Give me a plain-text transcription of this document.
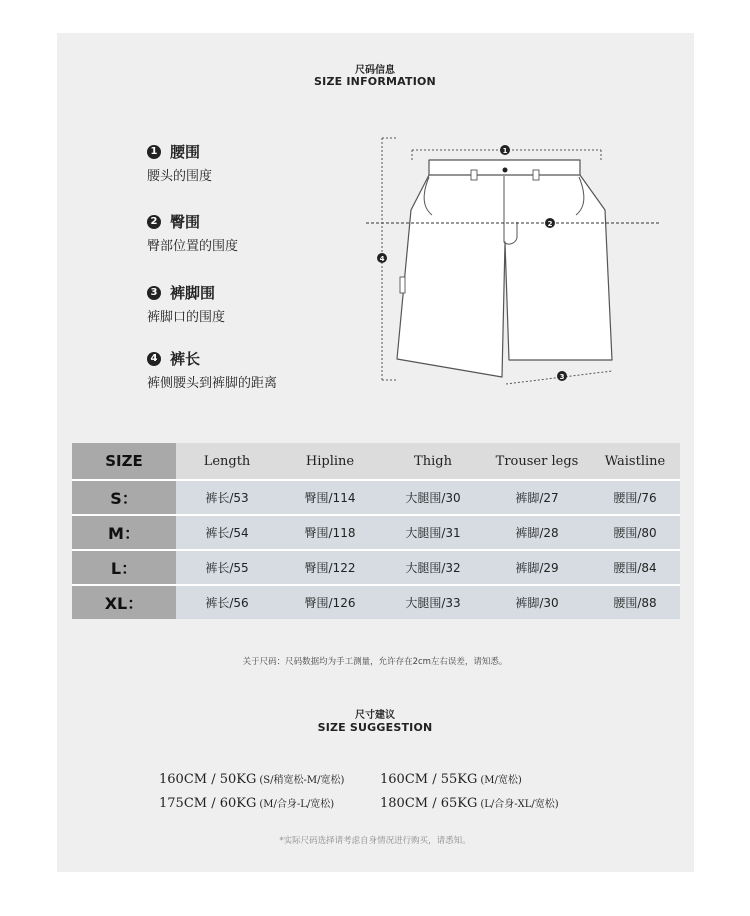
尺码信息
SIZE INFORMATION
1 腰围
腰头的围度
2 臀围
臀部位置的围度
3 裤脚围
裤脚口的围度
4 裤长
裤侧腰头到裤脚的距离
1
2
3
4
SIZE	Length	Hipline	Thigh	Trouser legs	Waistline
S：	裤长/53	臀围/114	大腿围/30	裤脚/27	腰围/76
M：	裤长/54	臀围/118	大腿围/31	裤脚/28	腰围/80
L：	裤长/55	臀围/122	大腿围/32	裤脚/29	腰围/84
XL：	裤长/56	臀围/126	大腿围/33	裤脚/30	腰围/88
关于尺码：尺码数据均为手工测量，允许存在2cm左右误差，请知悉。
尺寸建议
SIZE SUGGESTION
160CM / 50KG (S/稍宽松-M/宽松)	160CM / 55KG (M/宽松)
175CM / 60KG (M/合身-L/宽松)	180CM / 65KG (L/合身-XL/宽松)
*实际尺码选择请考虑自身情况进行购买，请悉知。
